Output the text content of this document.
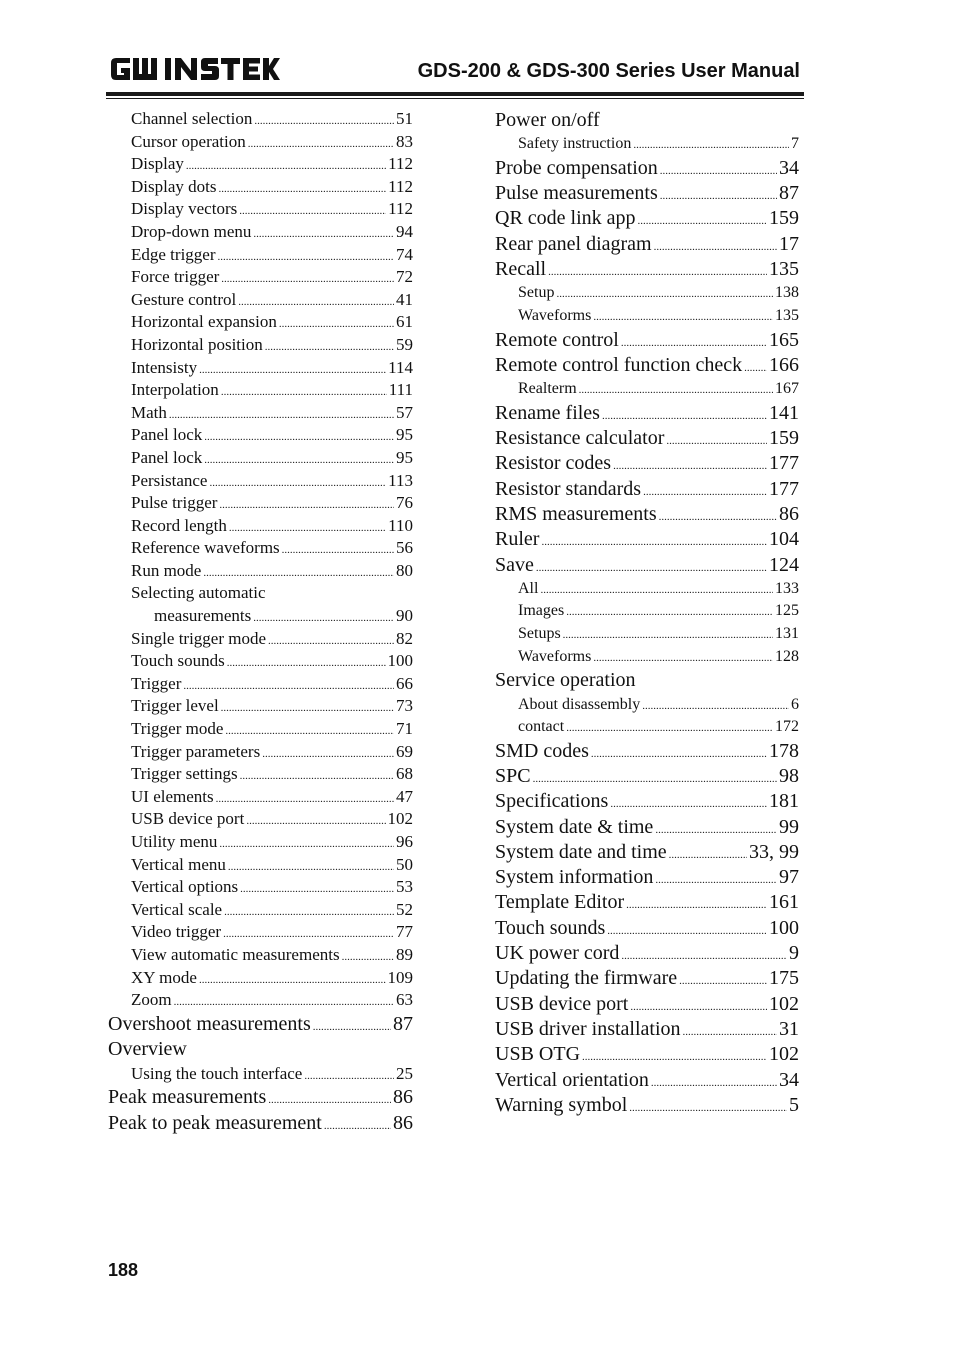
GDS-200 & GDS-300 Series User Manual
Channel selection .....	51
Cursor operation .....	83
Display .....	112
Display dots .....	112
Display vectors .....	112
Drop-down menu .....	94
Edge trigger .....	74
Force trigger .....	72
Gesture control .....	41
Horizontal expansion .....	61
Horizontal position .....	59
Intensisty .....	114
Interpolation .....	111
Math .....	57
Panel lock .....	95
Panel lock .....	95
Persistance .....	113
Pulse trigger .....	76
Record length .....	110
Reference waveforms .....	56
Run mode .....	80
Selecting automatic
measurements .....	90
Single trigger mode .....	82
Touch sounds .....	100
Trigger .....	66
Trigger level .....	73
Trigger mode .....	71
Trigger parameters .....	69
Trigger settings .....	68
UI elements .....	47
USB device port .....	102
Utility menu .....	96
Vertical menu .....	50
Vertical options .....	53
Vertical scale .....	52
Video trigger .....	77
View automatic measurements .....	89
XY mode .....	109
Zoom .....	63
Overshoot measurements .....	87
Overview
Using the touch interface .....	25
Peak measurements .....	86
Peak to peak measurement .....	86
Power on/off
Safety instruction .....	7
Probe compensation .....	34
Pulse measurements .....	87
QR code link app .....	159
Rear panel diagram .....	17
Recall .....	135
Setup .....	138
Waveforms .....	135
Remote control .....	165
Remote control function check ..... 166
Realterm .....	167
Rename files .....	141
Resistance calculator .....	159
Resistor codes .....	177
Resistor standards .....	177
RMS measurements .....	86
Ruler .....	104
Save .....	124
All .....	133
Images .....	125
Setups .....	131
Waveforms .....	128
Service operation
About disassembly .....	6
contact .....	172
SMD codes .....	178
SPC .....	98
Specifications .....	181
System date & time .....	99
System date and time .....	33, 99
System information .....	97
Template Editor .....	161
Touch sounds .....	100
UK power cord .....	9
Updating the firmware .....	175
USB device port .....	102
USB driver installation .....	31
USB OTG .....	102
Vertical orientation .....	34
Warning symbol .....	5
188
